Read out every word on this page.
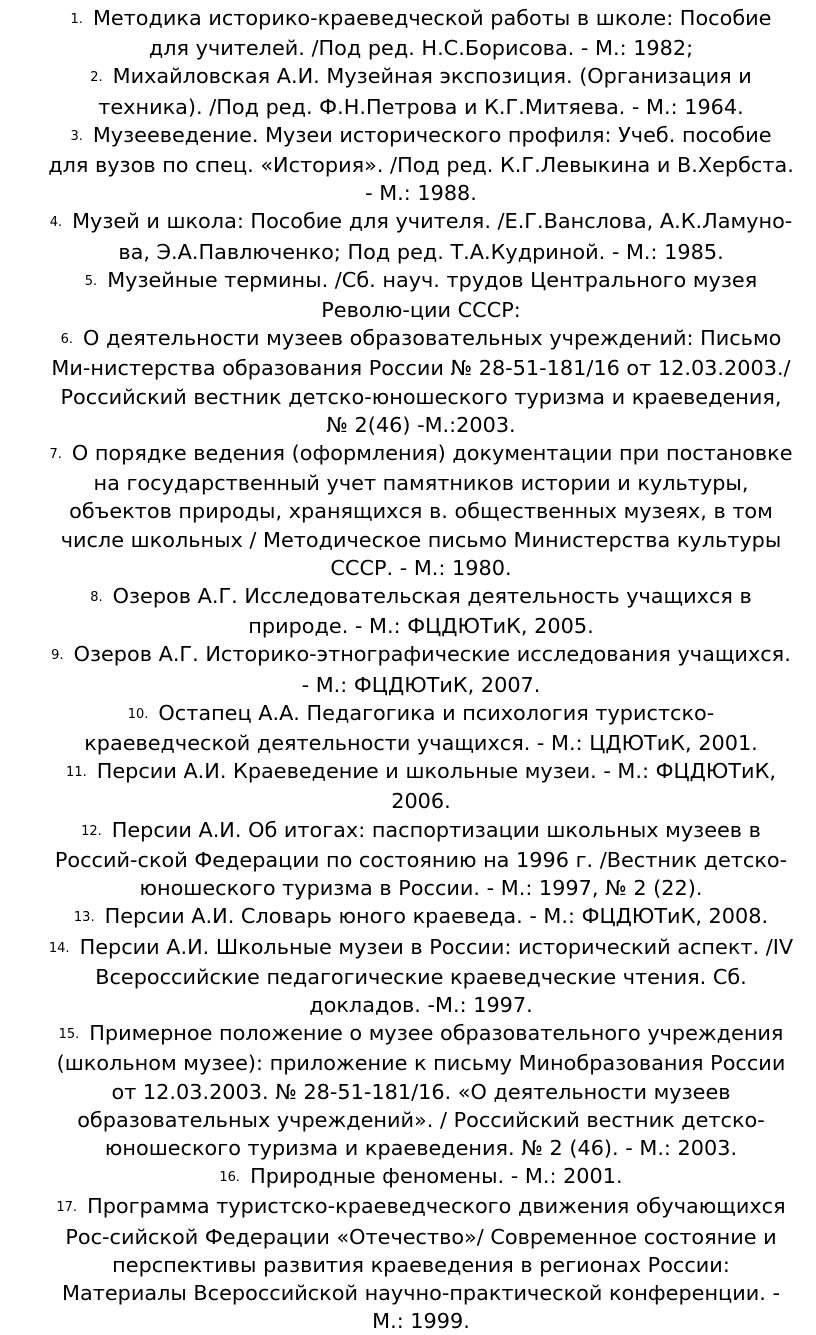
1. Методика историко-краеведческой работы в школе: Пособие для учителей. /Под ред. Н.С.Борисова. - М.: 1982;
2. Михайловская А.И. Музейная экспозиция. (Организация и техника). /Под ред. Ф.Н.Петрова и К.Г.Митяева. - М.: 1964.
3. Музееведение. Музеи исторического профиля: Учеб. пособие для вузов по спец. «История». /Под ред. К.Г.Левыкина и В.Хербста. - М.: 1988.
4. Музей и школа: Пособие для учителя. /Е.Г.Ванслова, А.К.Ламуно-ва, Э.А.Павлюченко; Под ред. Т.А.Кудриной. - М.: 1985.
5. Музейные термины. /Сб. науч. трудов Центрального музея Револю-ции СССР:
6. О деятельности музеев образовательных учреждений: Письмо Ми-нистерства образования России № 28-51-181/16 от 12.03.2003./ Российский вестник детско-юношеского туризма и краеведения, № 2(46) -М.:2003.
7. О порядке ведения (оформления) документации при постановке на государственный учет памятников истории и культуры, объектов природы, хранящихся в. общественных музеях, в том числе школьных / Методическое письмо Министерства культуры СССР. - М.: 1980.
8. Озеров А.Г. Исследовательская деятельность учащихся в природе. - М.: ФЦДЮТиК, 2005.
9. Озеров А.Г. Историко-этнографические исследования учащихся. - М.: ФЦДЮТиК, 2007.
10. Остапец А.А. Педагогика и психология туристско-краеведческой деятельности учащихся. - М.: ЦДЮТиК, 2001.
11. Персии А.И. Краеведение и школьные музеи. - М.: ФЦДЮТиК, 2006.
12. Персии А.И. Об итогах: паспортизации школьных музеев в Россий-ской Федерации по состоянию на 1996 г. /Вестник детско-юношеского туризма в России. - М.: 1997, № 2 (22).
13. Персии А.И. Словарь юного краеведа. - М.: ФЦДЮТиК, 2008.
14. Персии А.И. Школьные музеи в России: исторический аспект. /IV Всероссийские педагогические краеведческие чтения. Сб. докладов. -М.: 1997.
15. Примерное положение о музее образовательного учреждения (школьном музее): приложение к письму Минобразования России от 12.03.2003. № 28-51-181/16. «О деятельности музеев образовательных учреждений». / Российский вестник детско-юношеского туризма и краеведения. № 2 (46). - М.: 2003.
16. Природные феномены. - М.: 2001.
17. Программа туристско-краеведческого движения обучающихся Рос-сийской Федерации «Отечество»/ Современное состояние и перспективы развития краеведения в регионах России: Материалы Всероссийской научно-практической конференции. - М.: 1999.
